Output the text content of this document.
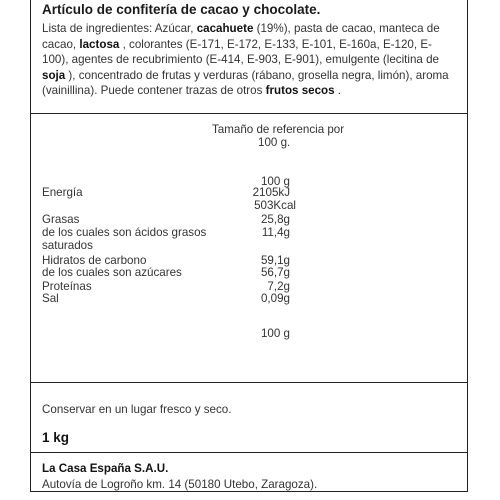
Artículo de confitería de cacao y chocolate.
Lista de ingredientes: Azúcar, cacahuete (19%), pasta de cacao, manteca de cacao, lactosa , colorantes (E-171, E-172, E-133, E-101, E-160a, E-120, E-100), agentes de recubrimiento (E-414, E-903, E-901), emulgente (lecitina de soja ), concentrado de frutas y verduras (rábano, grosella negra, limón), aroma (vainillina). Puede contener trazas de otros frutos secos .
Tamaño de referencia por
100 g.
100 g
Energía	2105kJ
503Kcal
Grasas	25,8g
de los cuales son ácidos grasos	11,4g
saturados
Hidratos de carbono	59,1g
de los cuales son azúcares	56,7g
Proteínas	7,2g
Sal	0,09g
100 g
Conservar en un lugar fresco y seco.
1 kg
La Casa España S.A.U.
Autovía de Logroño km. 14 (50180 Utebo, Zaragoza).
